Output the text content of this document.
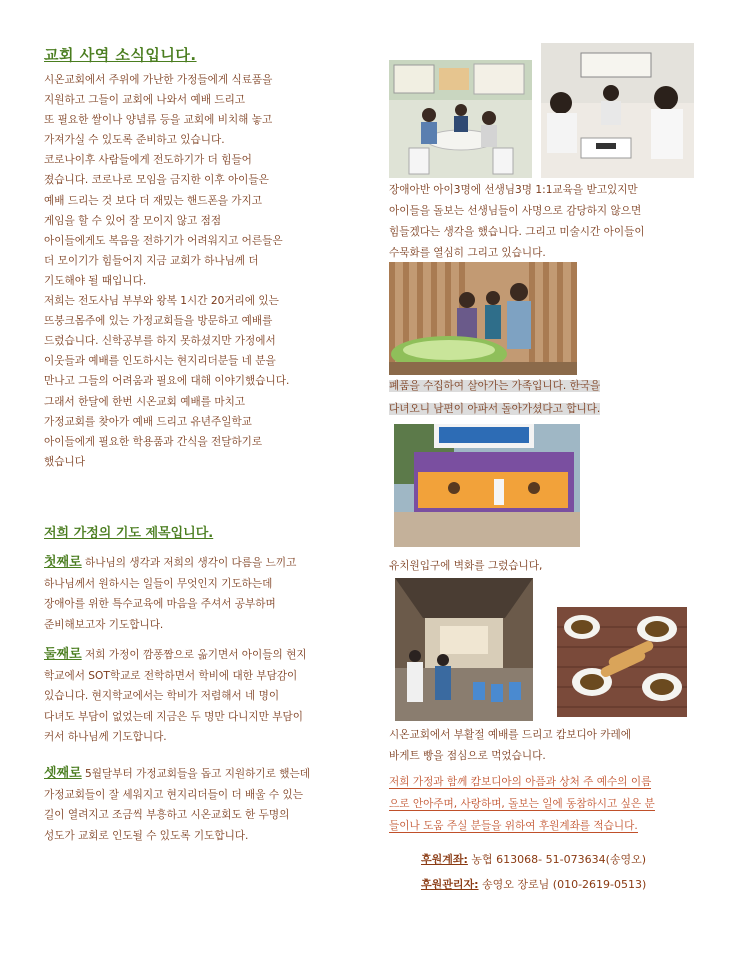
교회 사역 소식입니다.
시온교회에서 주위에 가난한 가정들에게 식료품을
지원하고 그들이 교회에 나와서 예배 드리고
또 필요한 쌀이나 양념류 등을 교회에 비치해 놓고
가져가실 수 있도록 준비하고 있습니다.
코로나이후 사람들에게 전도하기가 더 힘들어
졌습니다. 코로나로 모임을 금지한 이후 아이들은
예배 드리는 것 보다 더 재밌는 핸드폰을 가지고
게임을 할 수 있어 잘 모이지 않고 점점
아이들에게도 복음을 전하기가 어려워지고 어른들은
더 모이기가 힘들어지 지금 교회가 하나님께 더
기도해야 될 때입니다.
저희는 전도사님 부부와 왕복 1시간 20거리에 있는
뜨붕크몸주에 있는 가정교회들을 방문하고 예배를
드렸습니다. 신학공부를 하지 못하셨지만 가정에서
이웃들과 예배를 인도하시는 현지리더분들 네 분을
만나고 그들의 어려움과 필요에 대해 이야기했습니다.
그래서 한달에 한번 시온교회 예배를 마치고
가정교회를 찾아가 예배 드리고 유년주일학교
아이들에게 필요한 학용품과 간식을 전달하기로
했습니다
저희 가정의 기도 제목입니다.
첫째로 하나님의 생각과 저희의 생각이 다름을 느끼고
하나님께서 원하시는 일들이 무엇인지 기도하는데
장애아를 위한 특수교육에 마음을 주셔서 공부하며
준비해보고자 기도합니다.
둘째로 저희 가정이 깜퐁짬으로 옮기면서 아이들의 현지
학교에서 SOT학교로 전학하면서 학비에 대한 부담감이
있습니다. 현지학교에서는 학비가 저렴해서 네 명이
다녀도 부담이 없었는데 지금은 두 명만 다니지만 부담이
커서 하나님께 기도합니다.
셋째로 5월달부터 가정교회들을 돕고 지원하기로 했는데
가정교회들이 잘 세워지고 현지리더들이 더 배울 수 있는
길이 열려지고 조금씩 부흥하고 시온교회도 한 두명의
성도가 교회로 인도될 수 있도록 기도합니다.
장애아반 아이3명에 선생님3명 1:1교육을 받고있지만
아이들을 돌보는 선생님들이 사명으로 감당하지 않으면
힘들겠다는 생각을 했습니다. 그리고 미술시간 아이들이
수묵화를 열심히 그리고 있습니다.
폐품을 수집하여 살아가는 가족입니다. 한국을
다녀오니 남편이 아파서 돌아가셨다고 합니다.
유치원입구에 벽화를 그렸습니다,
시온교회에서 부활절 예배를 드리고 캄보디아 카레에
바게트 빵을 점심으로 먹었습니다.
저희 가정과 함께 캄보디아의 아픔과 상처 주 예수의 이름
으로 안아주며, 사랑하며, 돌보는 일에 동참하시고 싶은 분
들이나 도움 주실 분들을 위하여 후원계좌를 적습니다.
후원계좌: 농협 613068- 51-073634(송영오)
후원관리자: 송영오 장로님 (010-2619-0513)
